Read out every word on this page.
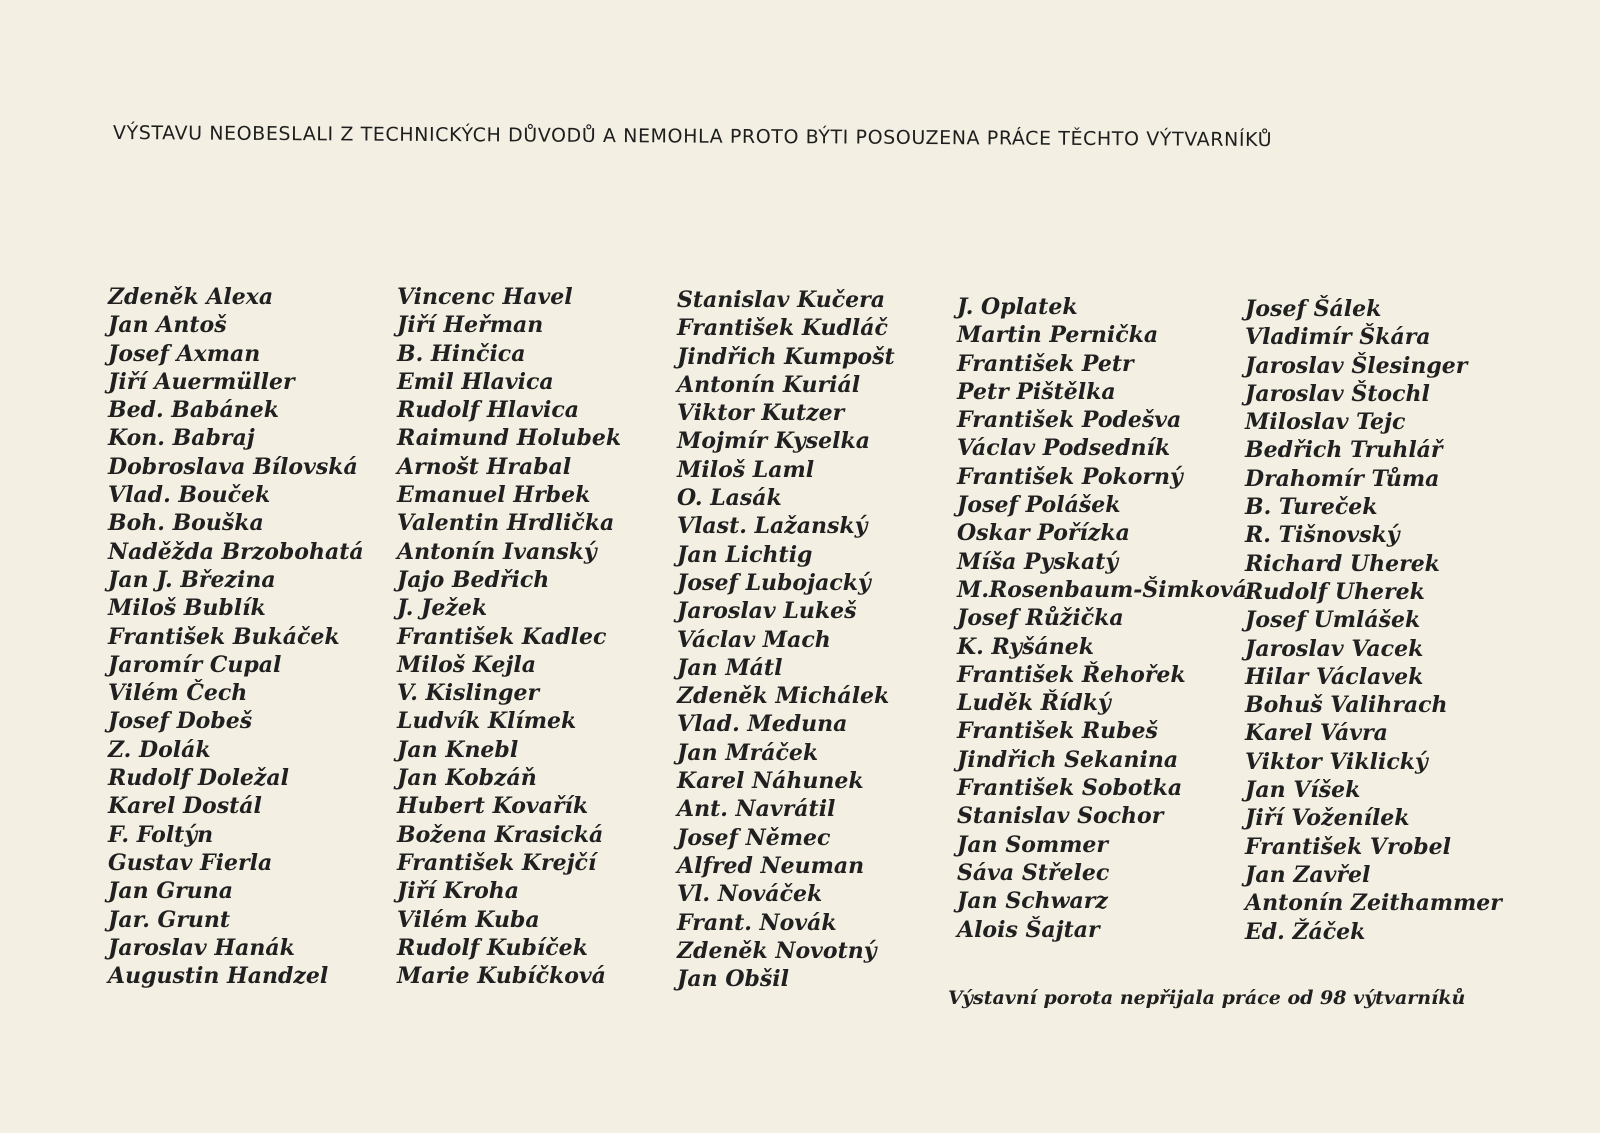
VÝSTAVU NEOBESLALI Z TECHNICKÝCH DŮVODŮ A NEMOHLA PROTO BÝTI POSOUZENA PRÁCE TĚCHTO VÝTVARNÍKŮ
Zdeněk Alexa
Jan Antoš
Josef Axman
Jiří Auermüller
Bed. Babánek
Kon. Babraj
Dobroslava Bílovská
Vlad. Bouček
Boh. Bouška
Naděžda Brzobohatá
Jan J. Březina
Miloš Bublík
František Bukáček
Jaromír Cupal
Vilém Čech
Josef Dobeš
Z. Dolák
Rudolf Doležal
Karel Dostál
F. Foltýn
Gustav Fierla
Jan Gruna
Jar. Grunt
Jaroslav Hanák
Augustin Handzel
Vincenc Havel
Jiří Heřman
B. Hinčica
Emil Hlavica
Rudolf Hlavica
Raimund Holubek
Arnošt Hrabal
Emanuel Hrbek
Valentin Hrdlička
Antonín Ivanský
Jajo Bedřich
J. Ježek
František Kadlec
Miloš Kejla
V. Kislinger
Ludvík Klímek
Jan Knebl
Jan Kobzáň
Hubert Kovařík
Božena Krasická
František Krejčí
Jiří Kroha
Vilém Kuba
Rudolf Kubíček
Marie Kubíčková
Stanislav Kučera
František Kudláč
Jindřich Kumpošt
Antonín Kuriál
Viktor Kutzer
Mojmír Kyselka
Miloš Laml
O. Lasák
Vlast. Lažanský
Jan Lichtig
Josef Lubojacký
Jaroslav Lukeš
Václav Mach
Jan Mátl
Zdeněk Michálek
Vlad. Meduna
Jan Mráček
Karel Náhunek
Ant. Navrátil
Josef Němec
Alfred Neuman
Vl. Nováček
Frant. Novák
Zdeněk Novotný
Jan Obšil
J. Oplatek
Martin Pernička
František Petr
Petr Pištělka
František Podešva
Václav Podsedník
František Pokorný
Josef Polášek
Oskar Pořízka
Míša Pyskatý
M.Rosenbaum-Šimková
Josef Růžička
K. Ryšánek
František Řehořek
Luděk Řídký
František Rubeš
Jindřich Sekanina
František Sobotka
Stanislav Sochor
Jan Sommer
Sáva Střelec
Jan Schwarz
Alois Šajtar
Josef Šálek
Vladimír Škára
Jaroslav Šlesinger
Jaroslav Štochl
Miloslav Tejc
Bedřich Truhlář
Drahomír Tůma
B. Tureček
R. Tišnovský
Richard Uherek
Rudolf Uherek
Josef Umlášek
Jaroslav Vacek
Hilar Václavek
Bohuš Valihrach
Karel Vávra
Viktor Viklický
Jan Víšek
Jiří Voženílek
František Vrobel
Jan Zavřel
Antonín Zeithammer
Ed. Žáček
Výstavní porota nepřijala práce od 98 výtvarníků
